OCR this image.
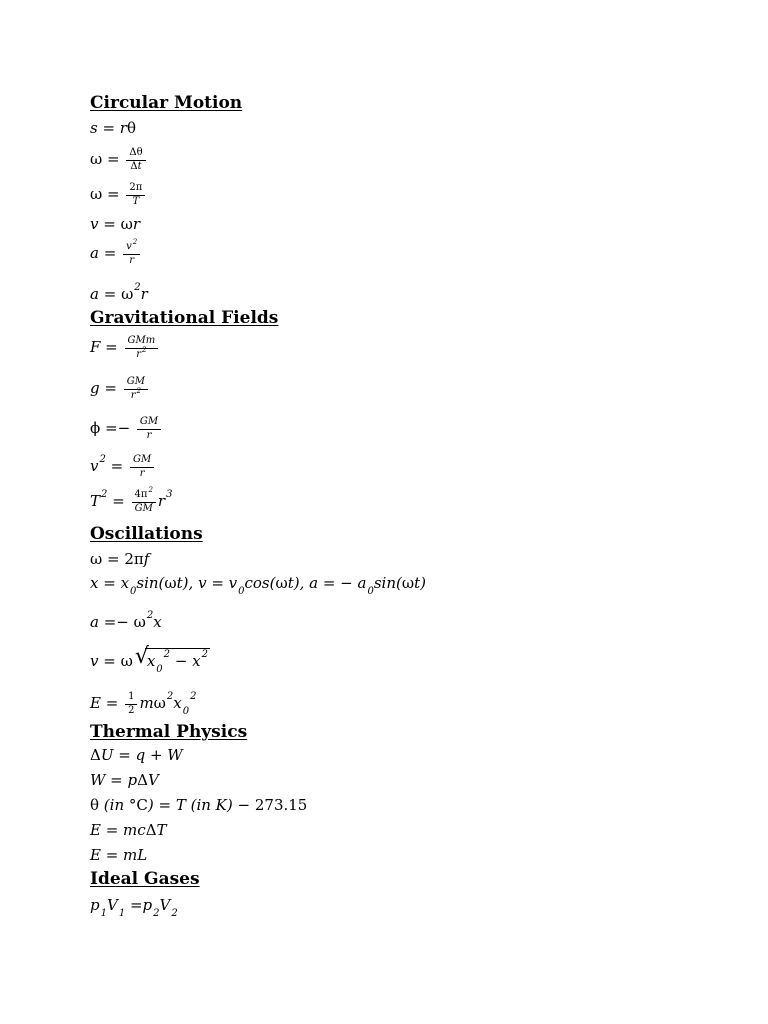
Circular Motion
s = rθ
$\omega = \frac{\Delta\theta}{\Delta t}$
$\omega = \frac{2\pi}{T}$
v = ωr
$a = \frac{v^2}{r}$
$a = \omega^2r$
Gravitational Fields
$F = \frac{\text{GMm}}{r^2}$
$g = \frac{GM}{r^2}$
$\phi =- \frac{GM}{r}$
$v^2 = \frac{GM}{r}$
$T^2 = \frac{4\pi^2}{GM} r^3$
Oscillations
ω = 2πf
$x = x_0\sin(\omega t)$, $v = v_0\cos(\omega t)$, a = − $a_0\sin(\omega t)$
$a =- \omega^2x$
v = ω √
$x_0^2 - x^2$
$E = \frac{1}{2} m\omega^2x_0^2$
Thermal Physics
ΔU = q + W
W = pΔV
θ (in °C) = T (in K) − 273.15
E = mcΔT
E = mL
Ideal Gases
$p_1V_1 =p_2V_2$
